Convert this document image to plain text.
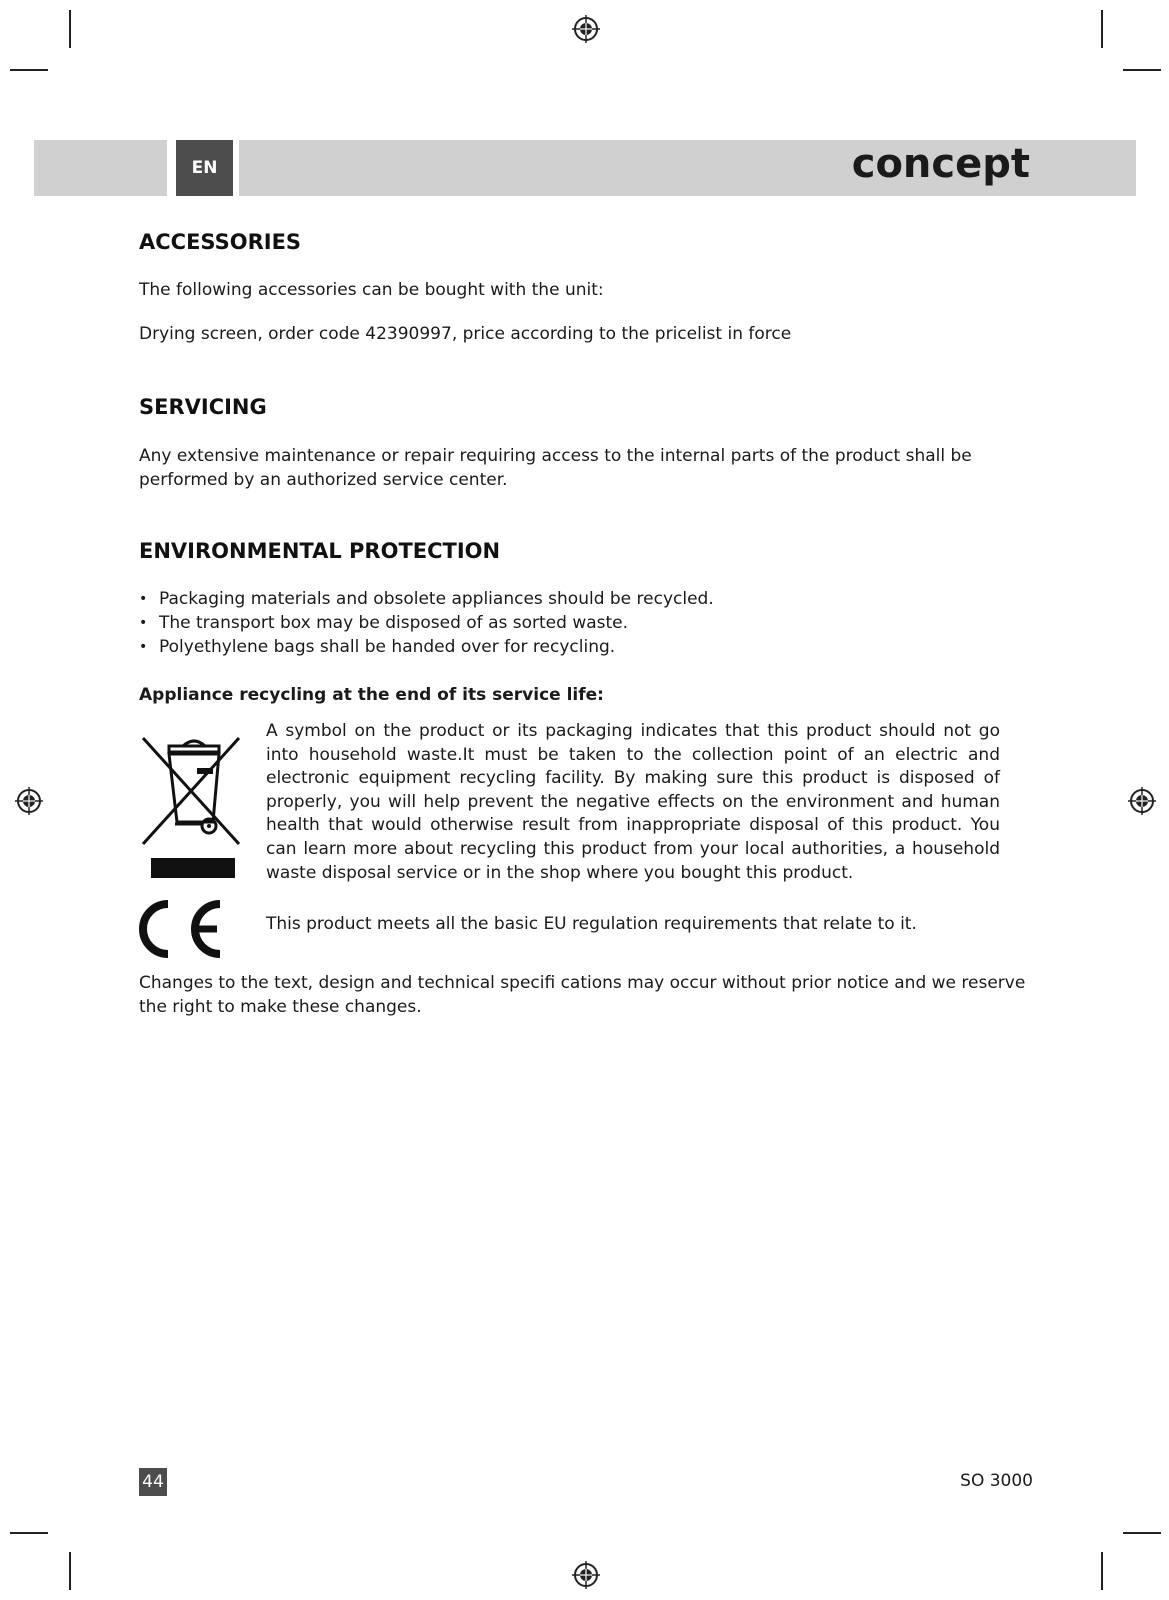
EN	concept
ACCESSORIES

The following accessories can be bought with the unit:

Drying screen, order code 42390997, price according to the pricelist in force

SERVICING

Any extensive maintenance or repair requiring access to the internal parts of the product shall be performed by an authorized service center.

ENVIRONMENTAL PROTECTION
• Packaging materials and obsolete appliances should be recycled.
• The transport box may be disposed of as sorted waste.
• Polyethylene bags shall be handed over for recycling.

Appliance recycling at the end of its service life:

A symbol on the product or its packaging indicates that this product should not go into household waste.It must be taken to the collection point of an electric and electronic equipment recycling facility. By making sure this product is disposed of properly, you will help prevent the negative effects on the environment and human health that would otherwise result from inappropriate disposal of this product. You can learn more about recycling this product from your local authorities, a household waste disposal service or in the shop where you bought this product.
This product meets all the basic EU regulation requirements that relate to it.
Changes to the text, design and technical specifi cations may occur without prior notice and we reserve the right to make these changes.
44	SO 3000
